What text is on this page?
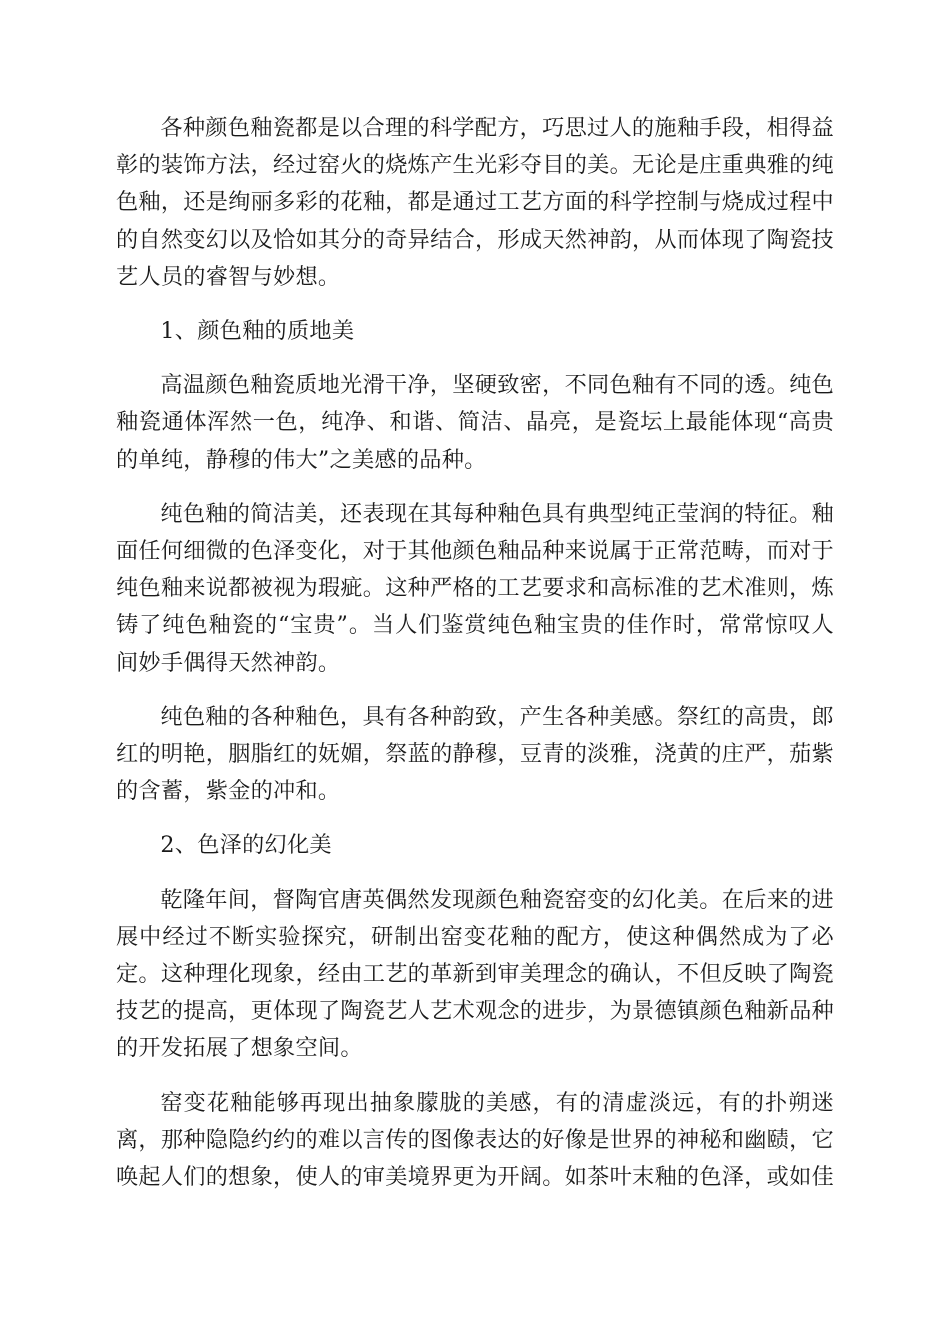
各种颜色釉瓷都是以合理的科学配方，巧思过人的施釉手段，相得益彰的装饰方法，经过窑火的烧炼产生光彩夺目的美。无论是庄重典雅的纯色釉，还是绚丽多彩的花釉，都是通过工艺方面的科学控制与烧成过程中的自然变幻以及恰如其分的奇异结合，形成天然神韵，从而体现了陶瓷技艺人员的睿智与妙想。

1、颜色釉的质地美

高温颜色釉瓷质地光滑干净，坚硬致密，不同色釉有不同的透。纯色釉瓷通体浑然一色，纯净、和谐、简洁、晶亮，是瓷坛上最能体现“高贵的单纯，静穆的伟大”之美感的品种。

纯色釉的简洁美，还表现在其每种釉色具有典型纯正莹润的特征。釉面任何细微的色泽变化，对于其他颜色釉品种来说属于正常范畴，而对于纯色釉来说都被视为瑕疵。这种严格的工艺要求和高标准的艺术准则，炼铸了纯色釉瓷的“宝贵”。当人们鉴赏纯色釉宝贵的佳作时，常常惊叹人间妙手偶得天然神韵。

纯色釉的各种釉色，具有各种韵致，产生各种美感。祭红的高贵，郎红的明艳，胭脂红的妩媚，祭蓝的静穆，豆青的淡雅，浇黄的庄严，茄紫的含蓄，紫金的冲和。

2、色泽的幻化美

乾隆年间，督陶官唐英偶然发现颜色釉瓷窑变的幻化美。在后来的进展中经过不断实验探究，研制出窑变花釉的配方，使这种偶然成为了必定。这种理化现象，经由工艺的革新到审美理念的确认，不但反映了陶瓷技艺的提高，更体现了陶瓷艺人艺术观念的进步，为景德镇颜色釉新品种的开发拓展了想象空间。

窑变花釉能够再现出抽象朦胧的美感，有的清虚淡远，有的扑朔迷离，那种隐隐约约的难以言传的图像表达的好像是世界的神秘和幽赜，它唤起人们的想象，使人的审美境界更为开阔。如茶叶末釉的色泽，或如佳
